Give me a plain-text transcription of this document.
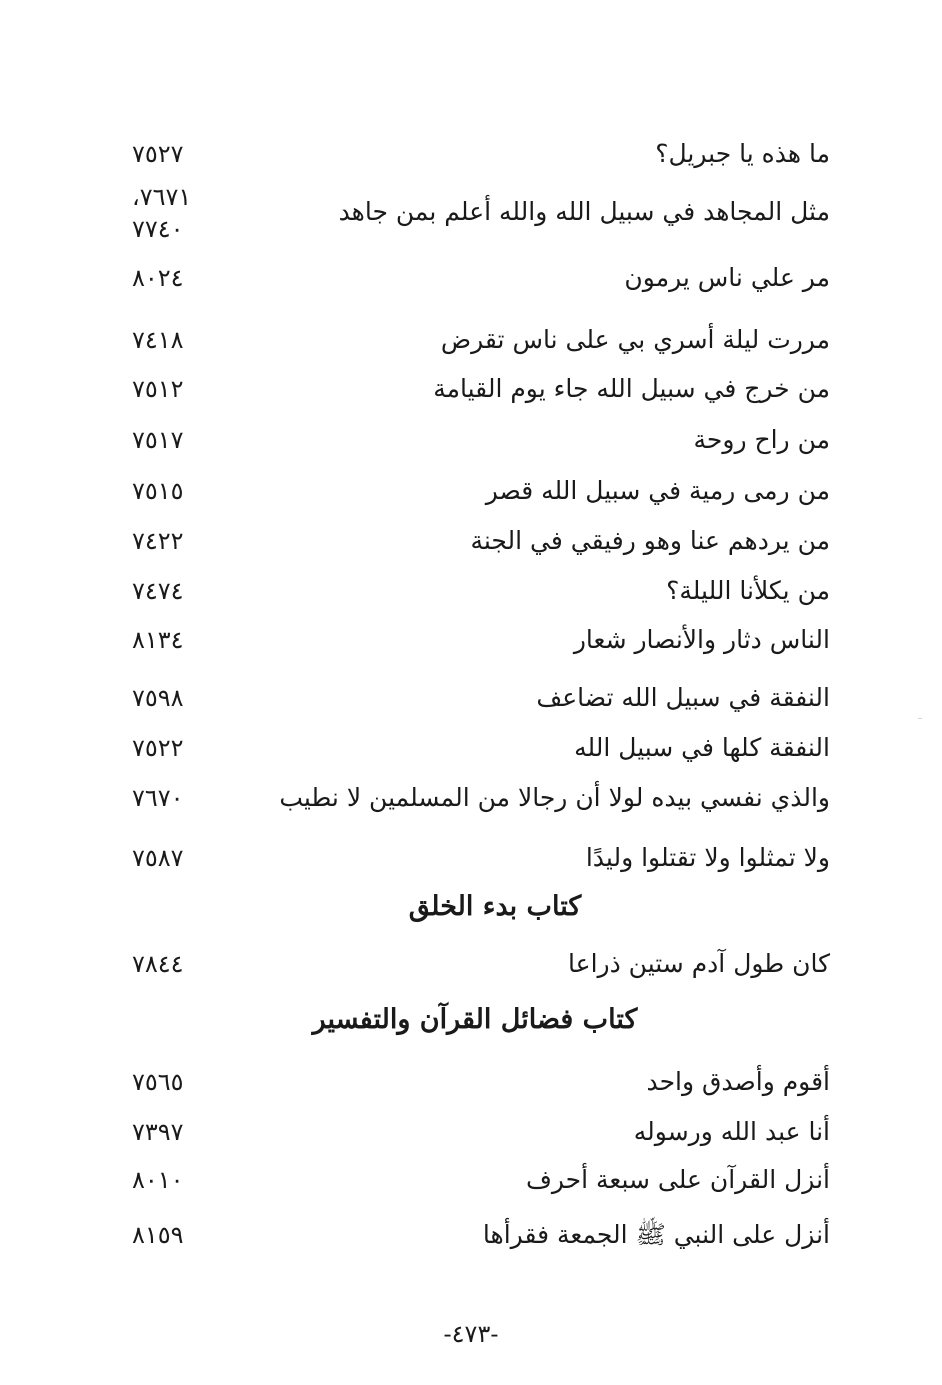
ما هذه يا جبريل؟
٧٥٢٧
مثل المجاهد في سبيل الله والله أعلم بمن جاهد
٧٦٧١،
٧٧٤٠
مر علي ناس يرمون
٨٠٢٤
مررت ليلة أسري بي على ناس تقرض
٧٤١٨
من خرج في سبيل الله جاء يوم القيامة
٧٥١٢
من راح روحة
٧٥١٧
من رمى رمية في سبيل الله قصر
٧٥١٥
من يردهم عنا وهو رفيقي في الجنة
٧٤٢٢
من يكلأنا الليلة؟
٧٤٧٤
الناس دثار والأنصار شعار
٨١٣٤
النفقة في سبيل الله تضاعف
٧٥٩٨
النفقة كلها في سبيل الله
٧٥٢٢
والذي نفسي بيده لولا أن رجالا من المسلمين لا نطيب
٧٦٧٠
ولا تمثلوا ولا تقتلوا وليدًا
٧٥٨٧
كتاب بدء الخلق
كان طول آدم ستين ذراعا
٧٨٤٤
كتاب فضائل القرآن والتفسير
أقوم وأصدق واحد
٧٥٦٥
أنا عبد الله ورسوله
٧٣٩٧
أنزل القرآن على سبعة أحرف
٨٠١٠
أنزل على النبي ﷺ الجمعة فقرأها
٨١٥٩
-٤٧٣-
